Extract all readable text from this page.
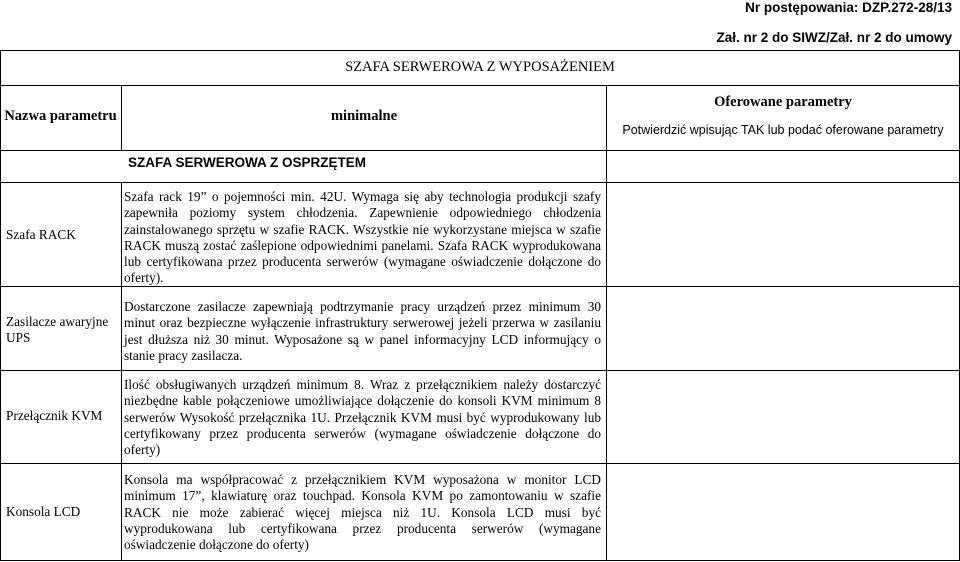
Nr postępowania: DZP.272-28/13
Zał. nr 2 do SIWZ/Zał. nr 2 do umowy
SZAFA SERWEROWA Z WYPOSAŻENIEM
Nazwa parametru	minimalne
Oferowane parametry
Potwierdzić wpisując TAK lub podać oferowane parametry
SZAFA SERWEROWA Z OSPRZĘTEM
Szafa RACK
Szafa rack 19” o pojemności min. 42U. Wymaga się aby technologia produkcji szafy zapewniła poziomy system chłodzenia. Zapewnienie odpowiedniego chłodzenia zainstalowanego sprzętu w szafie RACK. Wszystkie nie wykorzystane miejsca w szafie RACK muszą zostać zaślepione odpowiednimi panelami. Szafa RACK wyprodukowana lub certyfikowana przez producenta serwerów (wymagane oświadczenie dołączone do oferty).
Zasilacze awaryjne UPS
Dostarczone zasilacze zapewniają podtrzymanie pracy urządzeń przez minimum 30 minut oraz bezpieczne wyłączenie infrastruktury serwerowej jeżeli przerwa w zasilaniu jest dłuższa niż 30 minut. Wyposażone są w panel informacyjny LCD informujący o stanie pracy zasilacza.
Przełącznik KVM
Ilość obsługiwanych urządzeń minimum 8. Wraz z przełącznikiem należy dostarczyć niezbędne kable połączeniowe umożliwiające dołączenie do konsoli KVM minimum 8 serwerów Wysokość przełącznika 1U. Przełącznik KVM musi być wyprodukowany lub certyfikowany przez producenta serwerów (wymagane oświadczenie dołączone do oferty)
Konsola LCD
Konsola ma współpracować z przełącznikiem KVM wyposażona w monitor LCD minimum 17”, klawiaturę oraz touchpad. Konsola KVM po zamontowaniu w szafie RACK nie może zabierać więcej miejsca niż 1U. Konsola LCD musi być wyprodukowana lub certyfikowana przez producenta serwerów (wymagane oświadczenie dołączone do oferty)
